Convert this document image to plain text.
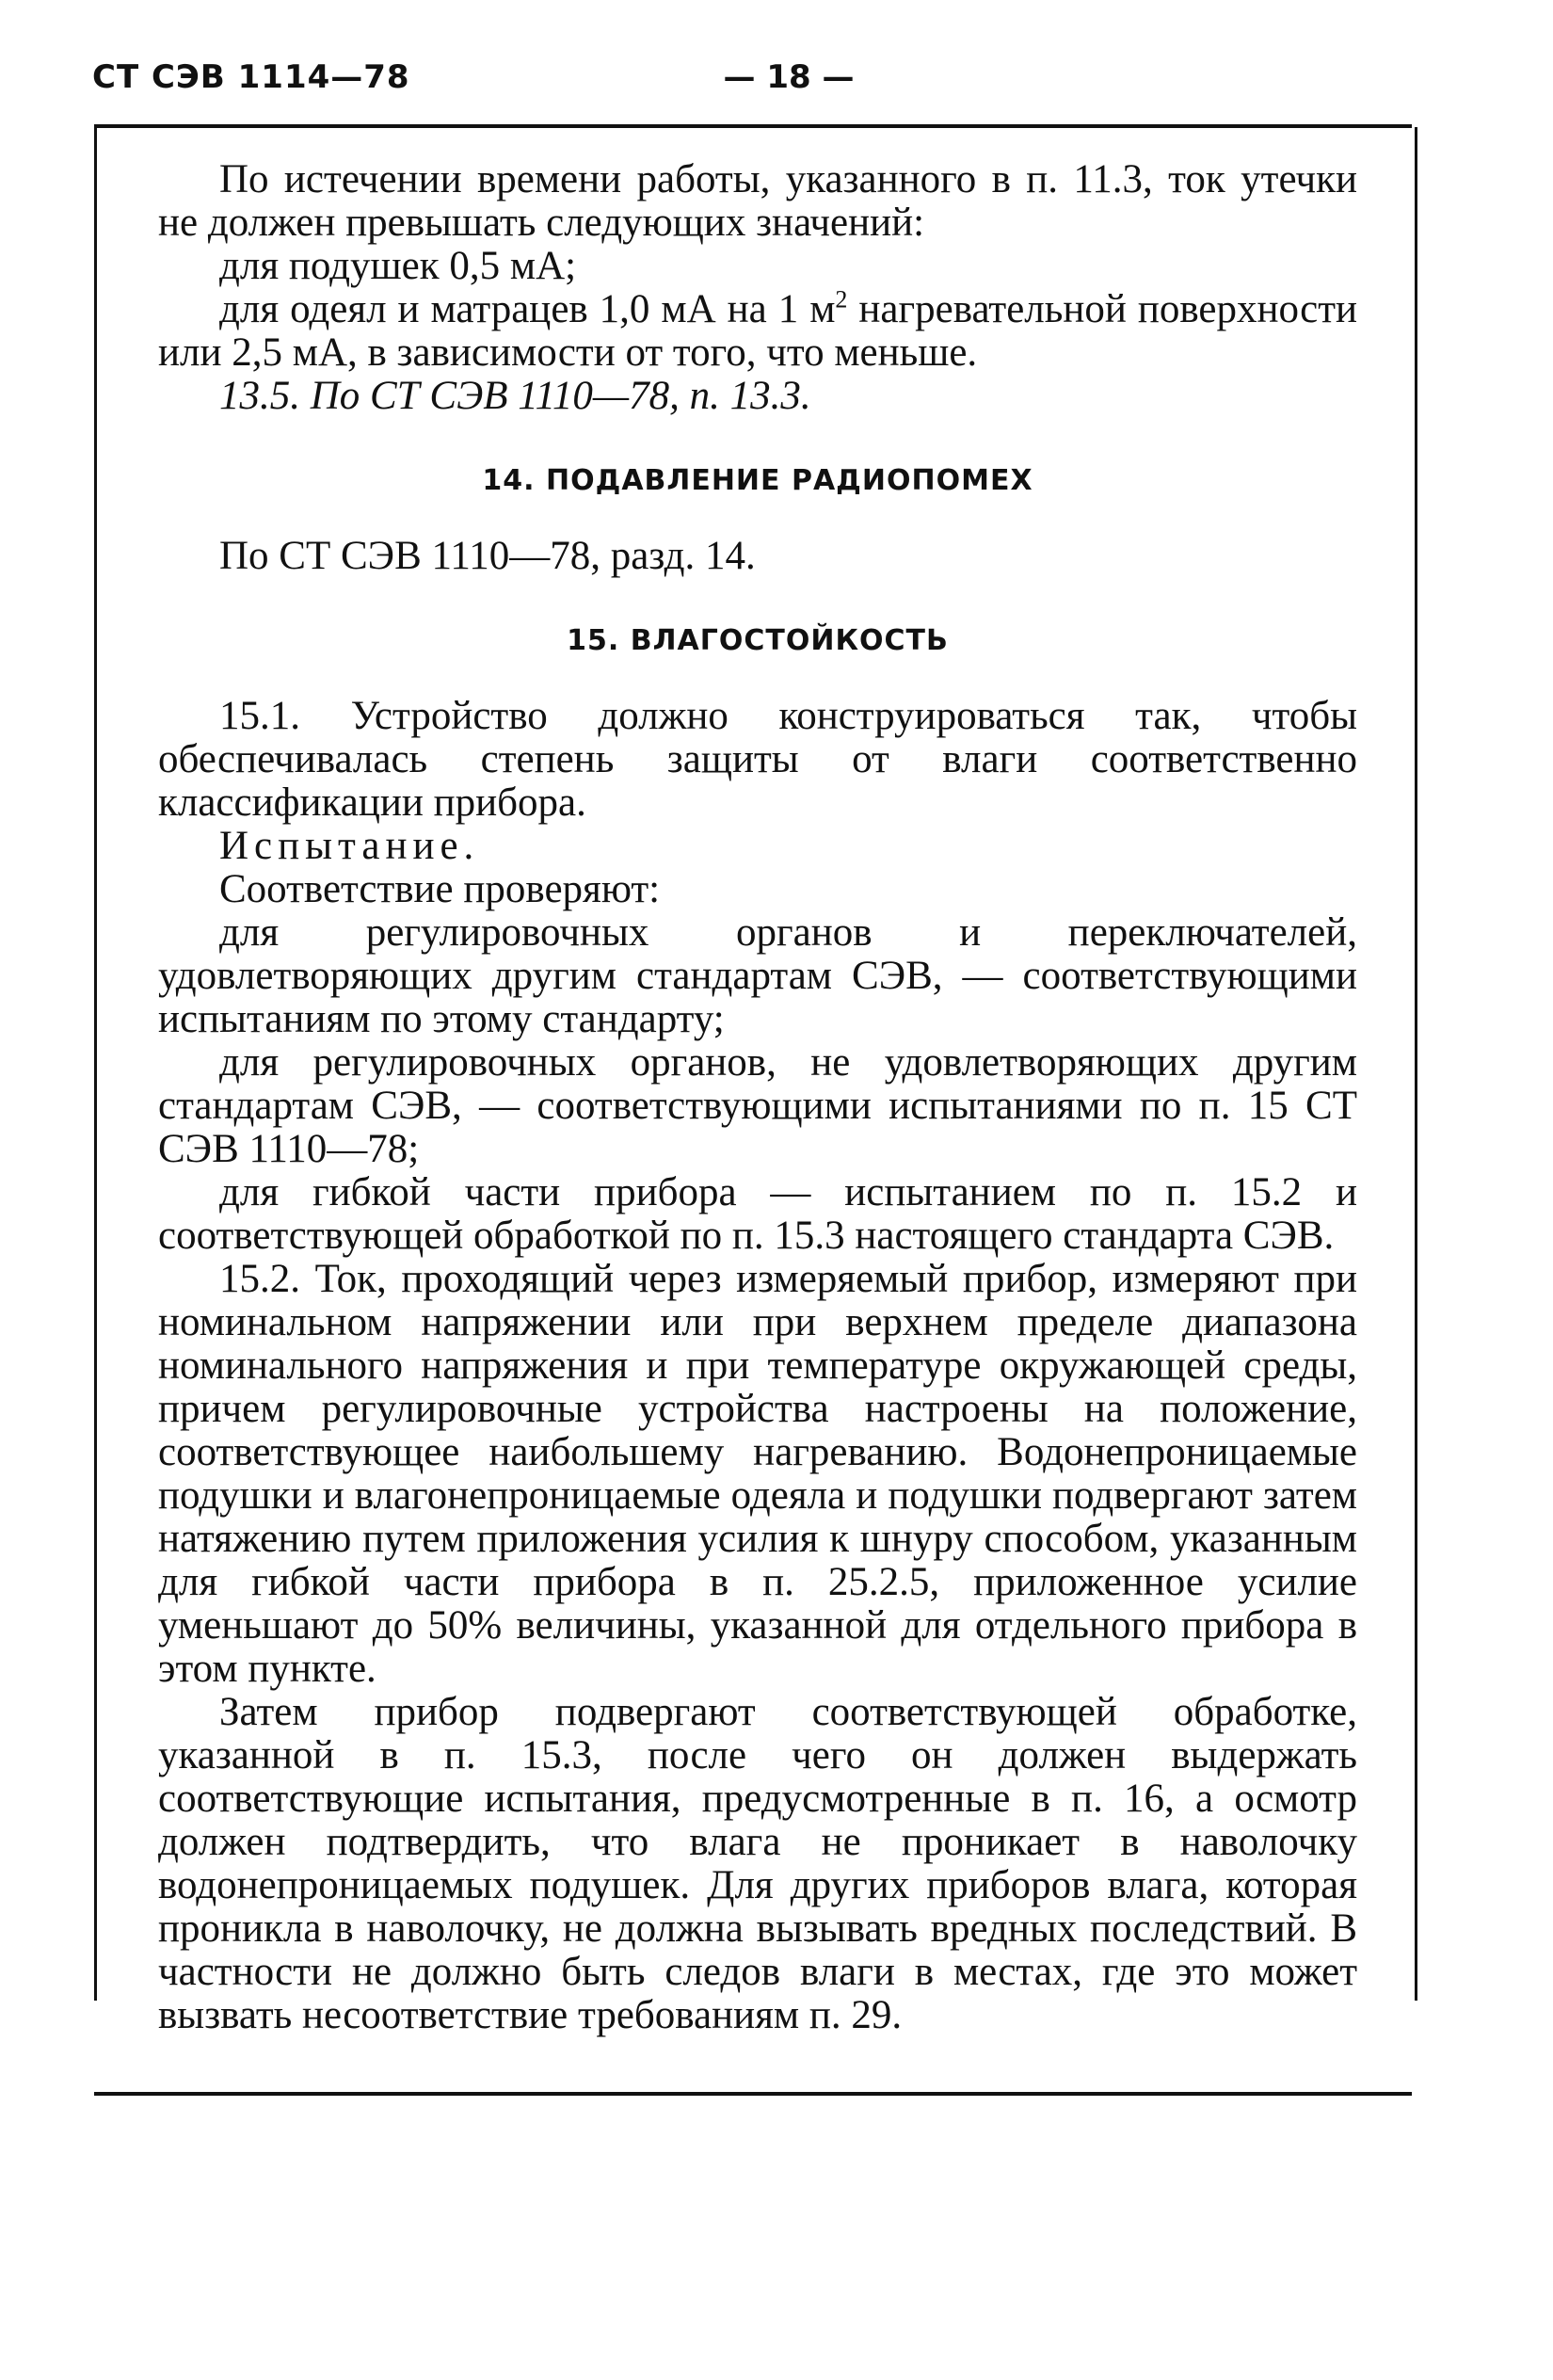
СТ СЭВ 1114—78	— 18 —

По истечении времени работы, указанного в п. 11.3, ток утечки не должен превышать следующих значений:

для подушек 0,5 мА;

для одеял и матрацев 1,0 мА на 1 $м^2$ нагревательной поверхности или 2,5 мА, в зависимости от того, что меньше.

13.5. По СТ СЭВ 1110—78, п. 13.3.

14. ПОДАВЛЕНИЕ РАДИОПОМЕХ

По СТ СЭВ 1110—78, разд. 14.

15. ВЛАГОСТОЙКОСТЬ

15.1. Устройство должно конструироваться так, чтобы обеспечивалась степень защиты от влаги соответственно классификации прибора.

Испытание.

Соответствие проверяют:

для регулировочных органов и переключателей, удовлетворяющих другим стандартам СЭВ, — соответствующими испытаниям по этому стандарту;

для регулировочных органов, не удовлетворяющих другим стандартам СЭВ, — соответствующими испытаниями по п. 15 СТ СЭВ 1110—78;

для гибкой части прибора — испытанием по п. 15.2 и соответствующей обработкой по п. 15.3 настоящего стандарта СЭВ.

15.2. Ток, проходящий через измеряемый прибор, измеряют при номинальном напряжении или при верхнем пределе диапазона номинального напряжения и при температуре окружающей среды, причем регулировочные устройства настроены на положение, соответствующее наибольшему нагреванию. Водонепроницаемые подушки и влагонепроницаемые одеяла и подушки подвергают затем натяжению путем приложения усилия к шнуру способом, указанным для гибкой части прибора в п. 25.2.5, приложенное усилие уменьшают до 50% величины, указанной для отдельного прибора в этом пункте.

Затем прибор подвергают соответствующей обработке, указанной в п. 15.3, после чего он должен выдержать соответствующие испытания, предусмотренные в п. 16, а осмотр должен подтвердить, что влага не проникает в наволочку водонепроницаемых подушек. Для других приборов влага, которая проникла в наволочку, не должна вызывать вредных последствий. В частности не должно быть следов влаги в местах, где это может вызвать несоответствие требованиям п. 29.
